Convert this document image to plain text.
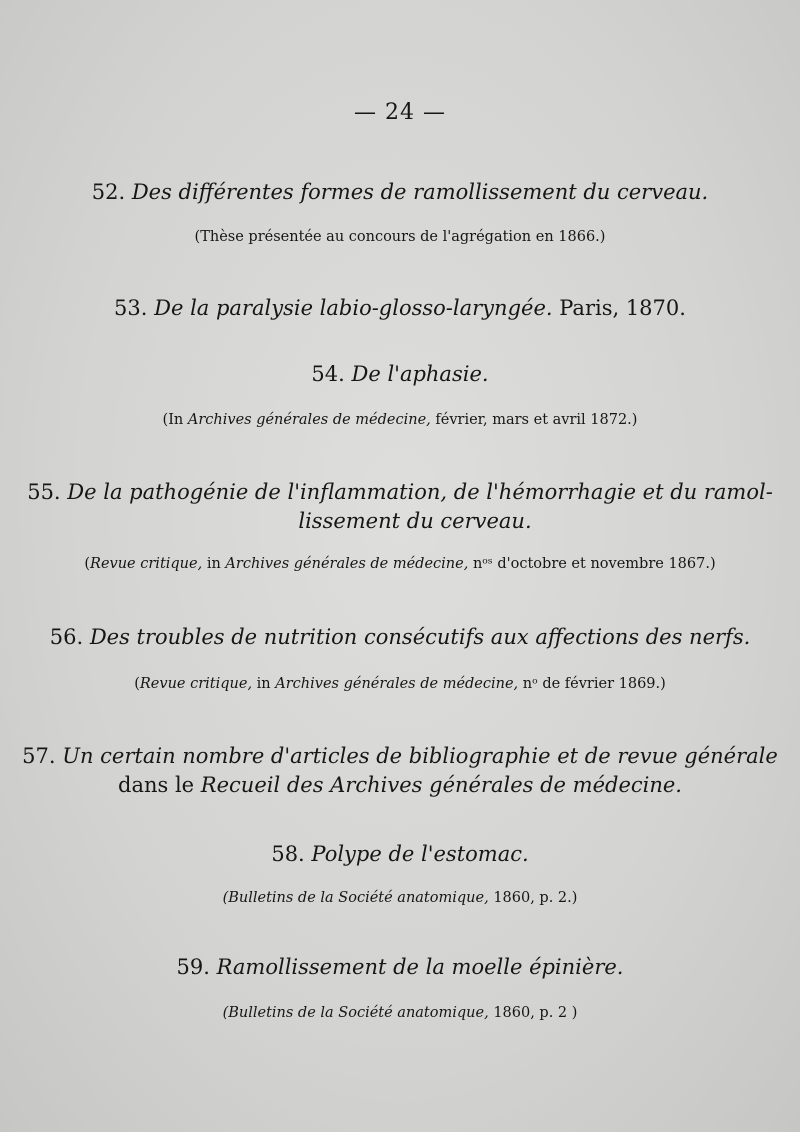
— 24 —
52. Des différentes formes de ramollissement du cerveau.
(Thèse présentée au concours de l'agrégation en 1866.)
53. De la paralysie labio-glosso-laryngée. Paris, 1870.
54. De l'aphasie.
(In Archives générales de médecine, février, mars et avril 1872.)
55. De la pathogénie de l'inflammation, de l'hémorrhagie et du ramol-
lissement du cerveau.
(Revue critique, in Archives générales de médecine, nᵒˢ d'octobre et novembre 1867.)
56. Des troubles de nutrition consécutifs aux affections des nerfs.
(Revue critique, in Archives générales de médecine, nᵒ de février 1869.)
57. Un certain nombre d'articles de bibliographie et de revue générale
dans le Recueil des Archives générales de médecine.
58. Polype de l'estomac.
(Bulletins de la Société anatomique, 1860, p. 2.)
59. Ramollissement de la moelle épinière.
(Bulletins de la Société anatomique, 1860, p. 2 )
